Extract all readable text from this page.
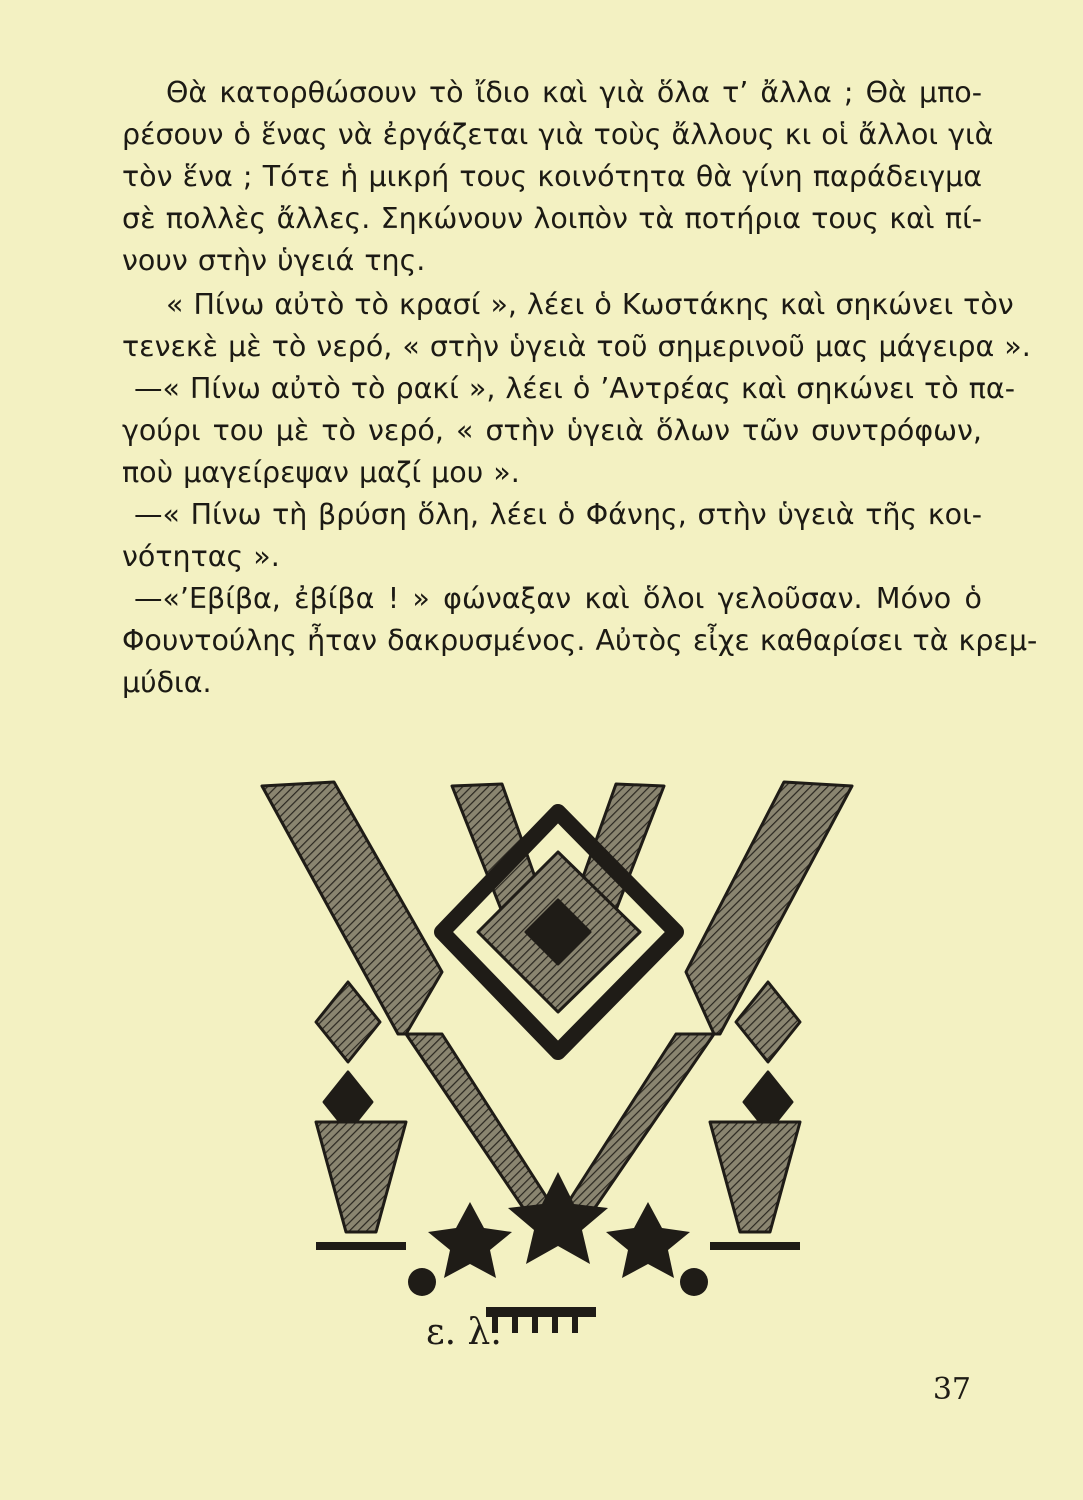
Θὰ κατορθώσουν τὸ ἴδιο καὶ γιὰ ὅλα τ’ ἄλλα ; Θὰ μπο-
ρέσουν ὁ ἕνας νὰ ἐργάζεται γιὰ τοὺς ἄλλους κι οἱ ἄλλοι γιὰ
τὸν ἕνα ; Τότε ἡ μικρή τους κοινότητα θὰ γίνη παράδειγμα
σὲ πολλὲς ἄλλες. Σηκώνουν λοιπὸν τὰ ποτήρια τους καὶ πί-
νουν στὴν ὑγειά της.
« Πίνω αὐτὸ τὸ κρασί », λέει ὁ Κωστάκης καὶ σηκώνει τὸν
τενεκὲ μὲ τὸ νερό, « στὴν ὑγειὰ τοῦ σημερινοῦ μας μάγειρα ».
—« Πίνω αὐτὸ τὸ ρακί », λέει ὁ ’Αντρέας καὶ σηκώνει τὸ πα-
γούρι του μὲ τὸ νερό, « στὴν ὑγειὰ ὅλων τῶν συντρόφων,
ποὺ μαγείρεψαν μαζί μου ».
—« Πίνω τὴ βρύση ὅλη, λέει ὁ Φάνης, στὴν ὑγειὰ τῆς κοι-
νότητας ».
—«’Εβίβα, ἐβίβα ! » φώναξαν καὶ ὅλοι γελοῦσαν. Μόνο ὁ
Φουντούλης ἦταν δακρυσμένος. Αὐτὸς εἶχε καθαρίσει τὰ κρεμ-
μύδια.
ε. λ.
37
